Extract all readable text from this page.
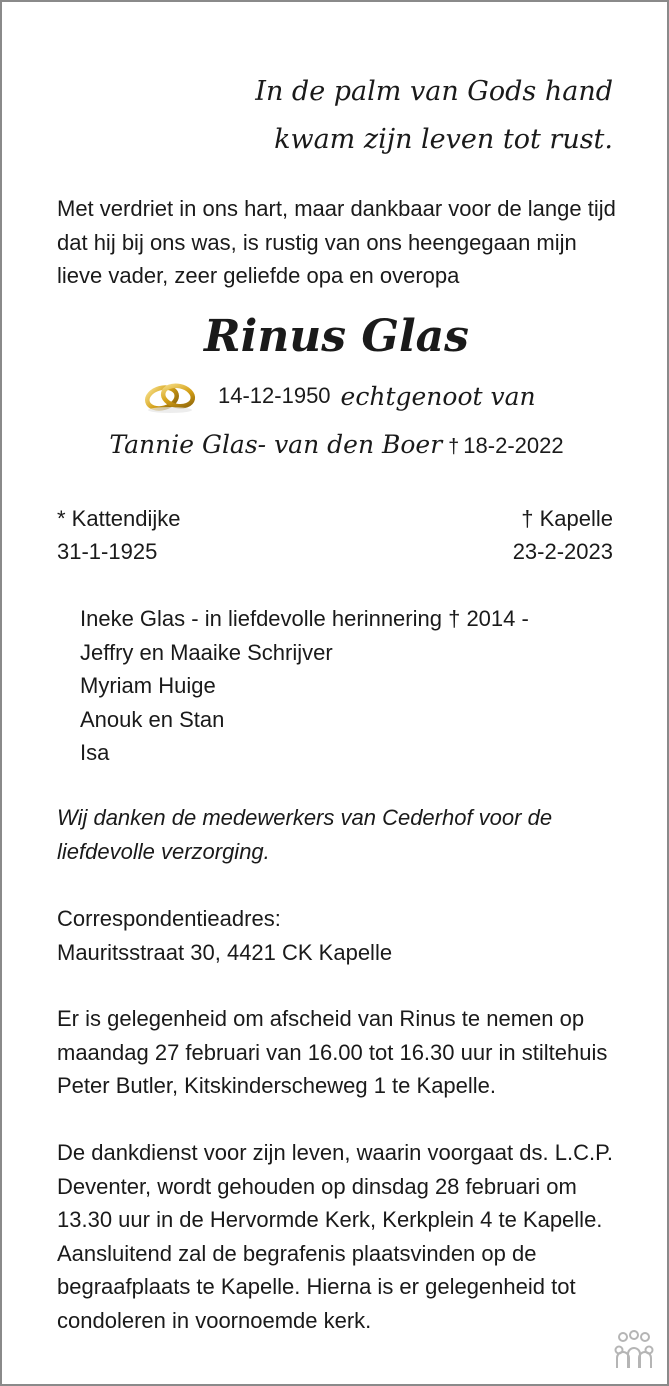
In de palm van Gods hand
kwam zijn leven tot rust.
Met verdriet in ons hart, maar dankbaar voor de lange tijd dat hij bij ons was, is rustig van ons heengegaan mijn lieve vader, zeer geliefde opa en overopa
Rinus Glas
14-12-1950 echtgenoot van
Tannie Glas- van den Boer † 18-2-2022
* Kattendijke
31-1-1925
† Kapelle
23-2-2023
Ineke Glas - in liefdevolle herinnering † 2014 -
Jeffry en Maaike Schrijver
Myriam Huige
Anouk en Stan
Isa
Wij danken de medewerkers van Cederhof voor de liefdevolle verzorging.
Correspondentieadres:
Mauritsstraat 30, 4421 CK Kapelle
Er is gelegenheid om afscheid van Rinus te nemen op maandag 27 februari van 16.00 tot 16.30 uur in stiltehuis Peter Butler, Kitskinderscheweg 1 te Kapelle.
De dankdienst voor zijn leven, waarin voorgaat ds. L.C.P. Deventer, wordt gehouden op dinsdag 28 februari om 13.30 uur in de Hervormde Kerk, Kerkplein 4 te Kapelle. Aansluitend zal de begrafenis plaatsvinden op de begraafplaats te Kapelle. Hierna is er gelegenheid tot condoleren in voornoemde kerk.
